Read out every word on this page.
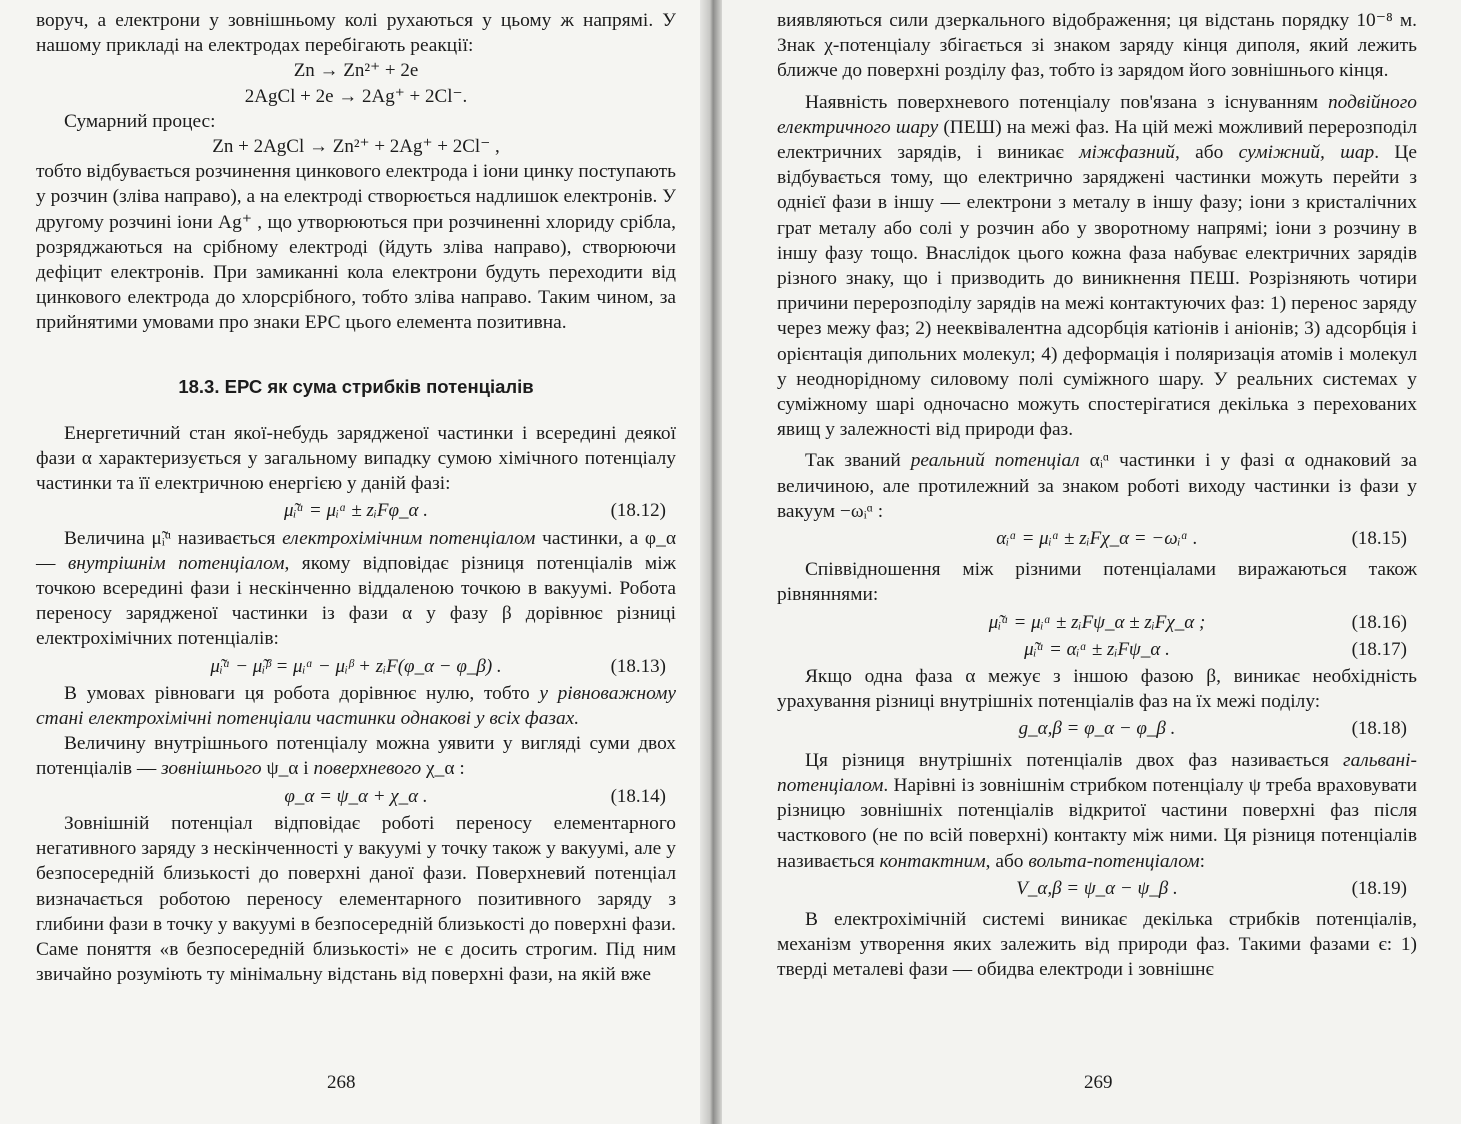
воруч, а електрони у зовнішньому колі рухаються у цьому ж напрямі. У нашому прикладі на електродах перебігають реакції:

Zn → Zn²⁺ + 2e

2AgCl + 2e → 2Ag⁺ + 2Cl⁻.

Сумарний процес:

Zn + 2AgCl → Zn²⁺ + 2Ag⁺ + 2Cl⁻ ,

тобто відбувається розчинення цинкового електрода і іони цинку поступають у розчин (зліва направо), а на електроді створюється надлишок електронів. У другому розчині іони Ag⁺ , що утворюються при розчиненні хлориду срібла, розряджаються на срібному електроді (йдуть зліва направо), створюючи дефіцит електронів. При замиканні кола електрони будуть переходити від цинкового електрода до хлорсрібного, тобто зліва направо. Таким чином, за прийнятими умовами про знаки ЕРС цього елемента позитивна.

18.3. ЕРС як сума стрибків потенціалів

Енергетичний стан якої-небудь зарядженої частинки i всередині деякої фази α характеризується у загальному випадку сумою хімічного потенціалу частинки та її електричною енергією у даній фазі:

μ̃ᵢᵅ = μᵢᵅ ± zᵢFφ_α .	(18.12)

Величина μ̃ᵢᵅ називається електрохімічним потенціалом частинки, а φ_α — внутрішнім потенціалом, якому відповідає різниця потенціалів між точкою всередині фази і нескінченно віддаленою точкою в вакуумі. Робота переносу зарядженої частинки із фази α у фазу β дорівнює різниці електрохімічних потенціалів:

μ̃ᵢᵅ − μ̃ᵢᵝ = μᵢᵅ − μᵢᵝ + zᵢF(φ_α − φ_β) .	(18.13)

В умовах рівноваги ця робота дорівнює нулю, тобто у рівноважному стані електрохімічні потенціали частинки однакові у всіх фазах.

Величину внутрішнього потенціалу можна уявити у вигляді суми двох потенціалів — зовнішнього ψ_α і поверхневого χ_α :

φ_α = ψ_α + χ_α .	(18.14)

Зовнішній потенціал відповідає роботі переносу елементарного негативного заряду з нескінченності у вакуумі у точку також у вакуумі, але у безпосередній близькості до поверхні даної фази. Поверхневий потенціал визначається роботою переносу елементарного позитивного заряду з глибини фази в точку у вакуумі в безпосередній близькості до поверхні фази. Саме поняття «в безпосередній близькості» не є досить строгим. Під ним звичайно розуміють ту мінімальну відстань від поверхні фази, на якій вже

268

виявляються сили дзеркального відображення; ця відстань порядку 10⁻⁸ м. Знак χ-потенціалу збігається зі знаком заряду кінця диполя, який лежить ближче до поверхні розділу фаз, тобто із зарядом його зовнішнього кінця.

Наявність поверхневого потенціалу пов'язана з існуванням подвійного електричного шару (ПЕШ) на межі фаз. На цій межі можливий перерозподіл електричних зарядів, і виникає міжфазний, або суміжний, шар. Це відбувається тому, що електрично заряджені частинки можуть перейти з однієї фази в іншу — електрони з металу в іншу фазу; іони з кристалічних грат металу або солі у розчин або у зворотному напрямі; іони з розчину в іншу фазу тощо. Внаслідок цього кожна фаза набуває електричних зарядів різного знаку, що і призводить до виникнення ПЕШ. Розрізняють чотири причини перерозподілу зарядів на межі контактуючих фаз: 1) перенос заряду через межу фаз; 2) нееквівалентна адсорбція катіонів і аніонів; 3) адсорбція і орієнтація дипольних молекул; 4) деформація і поляризація атомів і молекул у неоднорідному силовому полі суміжного шару. У реальних системах у суміжному шарі одночасно можуть спостерігатися декілька з перехованих явищ у залежності від природи фаз.

Так званий реальний потенціал αᵢᵅ частинки i у фазі α однаковий за величиною, але протилежний за знаком роботі виходу частинки із фази у вакуум −ωᵢᵅ :

αᵢᵅ = μᵢᵅ ± zᵢFχ_α = −ωᵢᵅ .	(18.15)

Співвідношення між різними потенціалами виражаються також рівняннями:

μ̃ᵢᵅ = μᵢᵅ ± zᵢFψ_α ± zᵢFχ_α ;	(18.16)
μ̃ᵢᵅ = αᵢᵅ ± zᵢFψ_α .	(18.17)

Якщо одна фаза α межує з іншою фазою β, виникає необхідність урахування різниці внутрішніх потенціалів фаз на їх межі поділу:

g_α,β = φ_α − φ_β .	(18.18)

Ця різниця внутрішніх потенціалів двох фаз називається гальвані-потенціалом. Нарівні із зовнішнім стрибком потенціалу ψ треба враховувати різницю зовнішніх потенціалів відкритої частини поверхні фаз після часткового (не по всій поверхні) контакту між ними. Ця різниця потенціалів називається контактним, або вольта-потенціалом:

V_α,β = ψ_α − ψ_β .	(18.19)

В електрохімічній системі виникає декілька стрибків потенціалів, механізм утворення яких залежить від природи фаз. Такими фазами є: 1) тверді металеві фази — обидва електроди і зовнішнє

269
